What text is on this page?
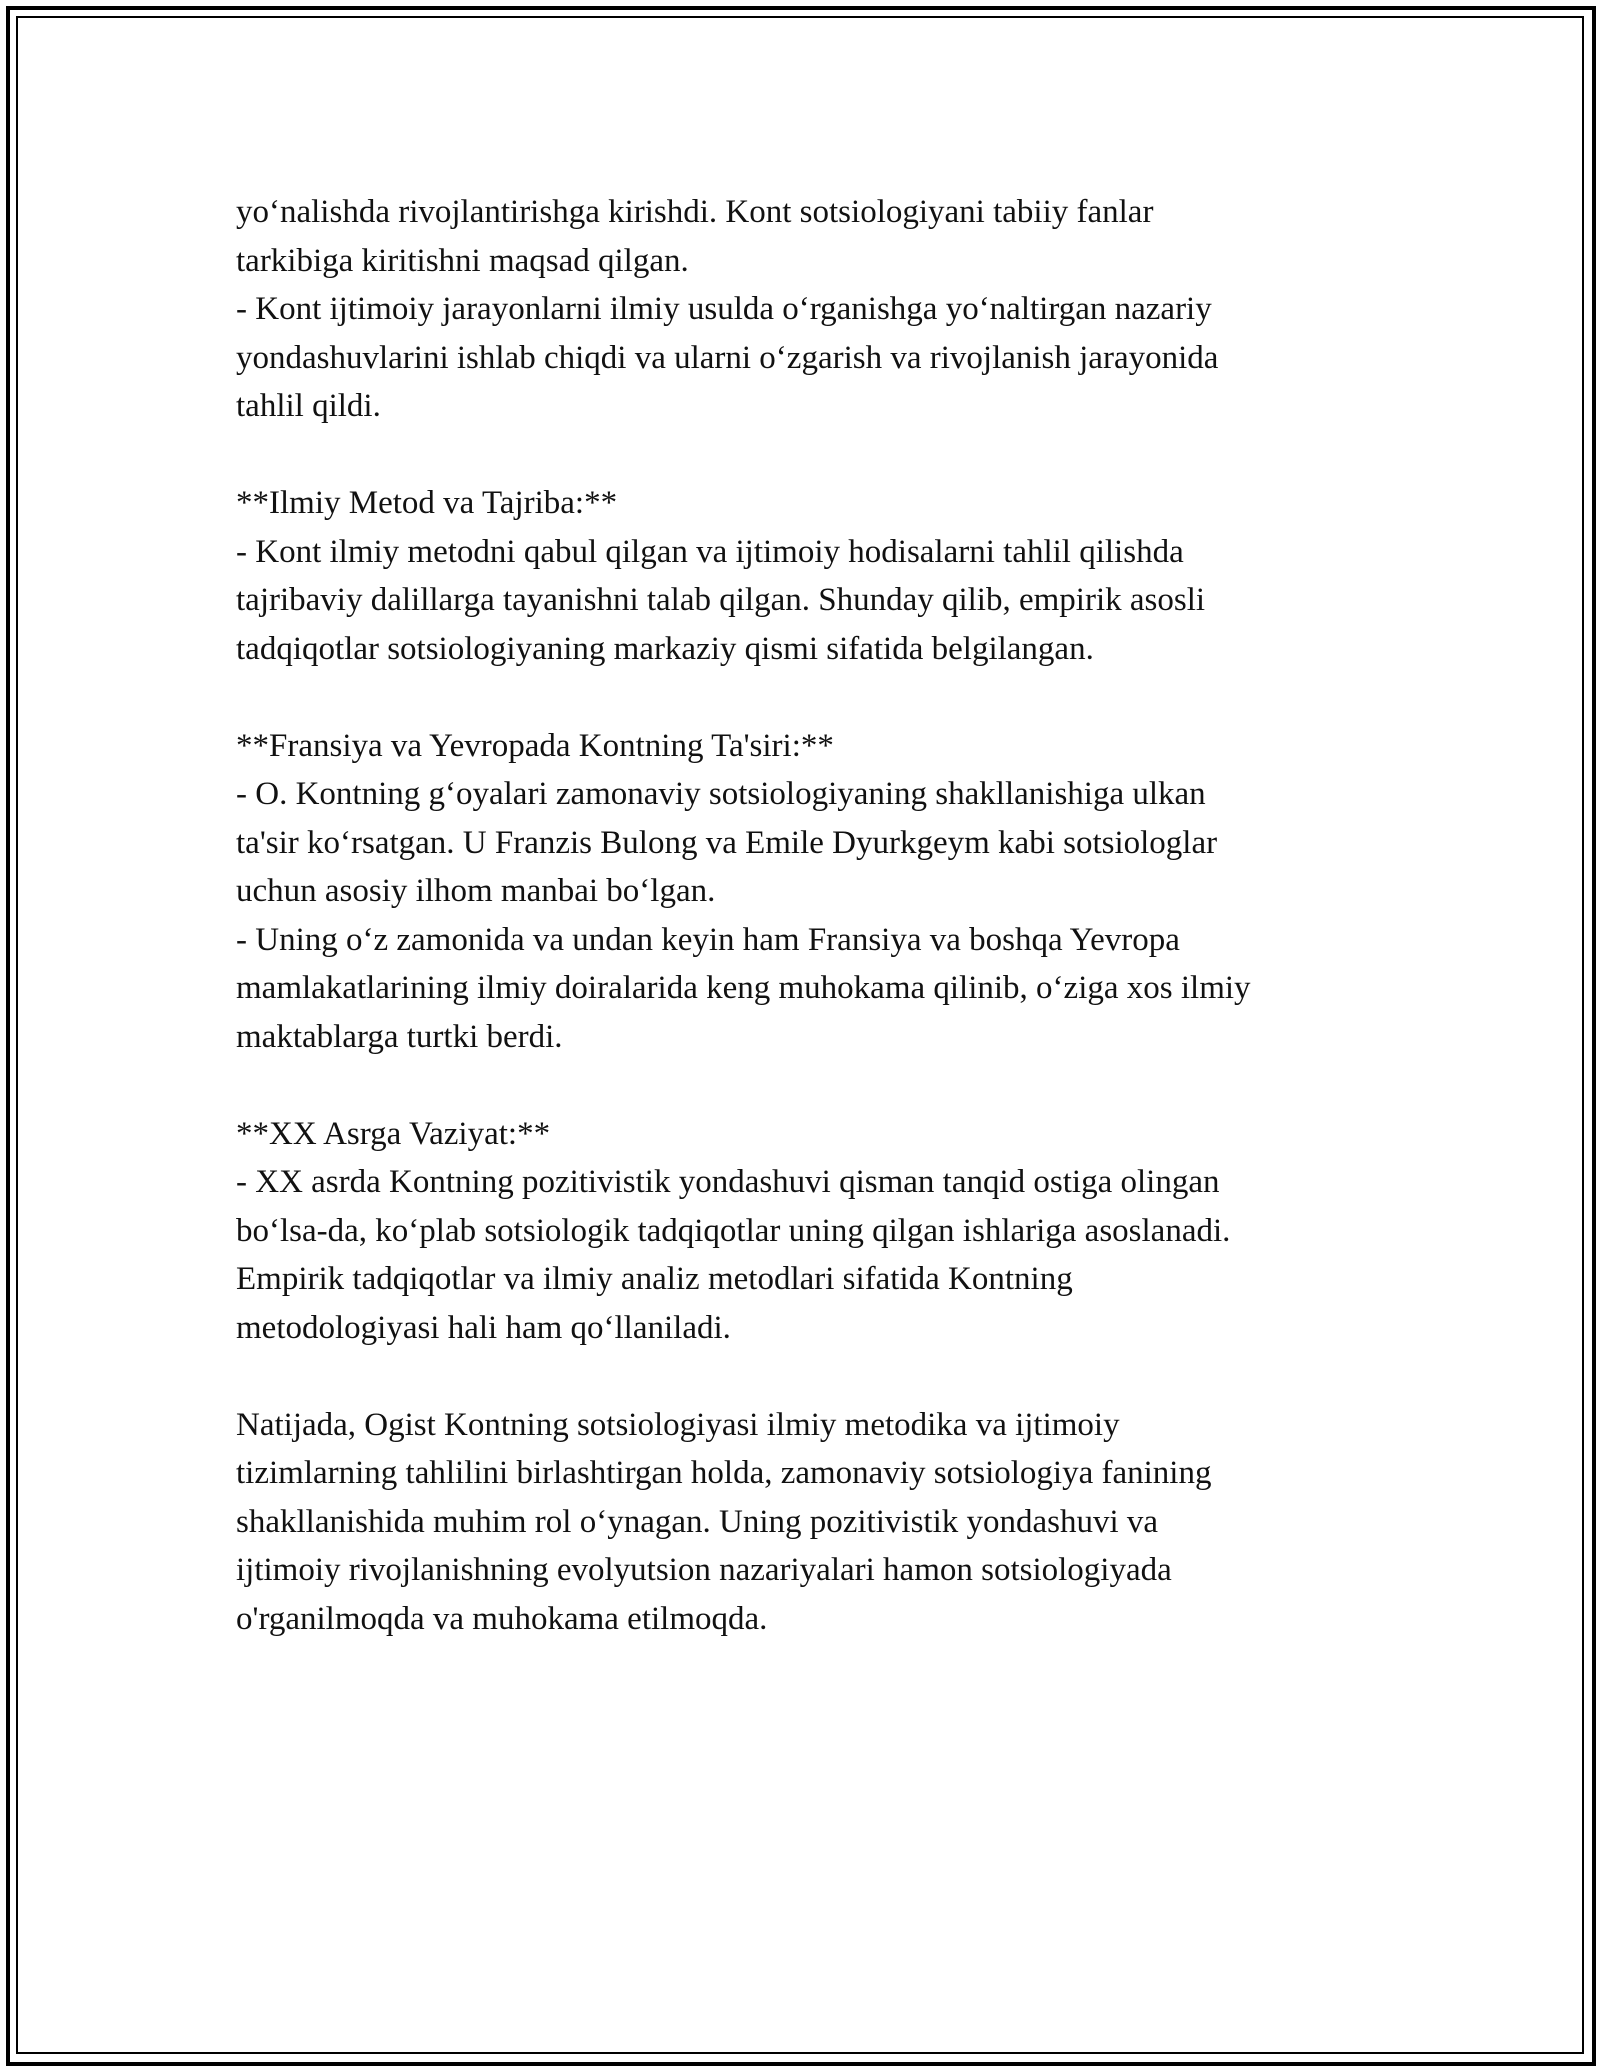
yo‘nalishda rivojlantirishga kirishdi. Kont sotsiologiyani tabiiy fanlar
tarkibiga kiritishni maqsad qilgan.
- Kont ijtimoiy jarayonlarni ilmiy usulda o‘rganishga yo‘naltirgan nazariy
yondashuvlarini ishlab chiqdi va ularni o‘zgarish va rivojlanish jarayonida
tahlil qildi.
**Ilmiy Metod va Tajriba:**
- Kont ilmiy metodni qabul qilgan va ijtimoiy hodisalarni tahlil qilishda
tajribaviy dalillarga tayanishni talab qilgan. Shunday qilib, empirik asosli
tadqiqotlar sotsiologiyaning markaziy qismi sifatida belgilangan.
**Fransiya va Yevropada Kontning Ta'siri:**
- O. Kontning g‘oyalari zamonaviy sotsiologiyaning shakllanishiga ulkan
ta'sir ko‘rsatgan. U Franzis Bulong va Emile Dyurkgeym kabi sotsiologlar
uchun asosiy ilhom manbai bo‘lgan.
- Uning o‘z zamonida va undan keyin ham Fransiya va boshqa Yevropa
mamlakatlarining ilmiy doiralarida keng muhokama qilinib, o‘ziga xos ilmiy
maktablarga turtki berdi.
**XX Asrga Vaziyat:**
- XX asrda Kontning pozitivistik yondashuvi qisman tanqid ostiga olingan
bo‘lsa-da, ko‘plab sotsiologik tadqiqotlar uning qilgan ishlariga asoslanadi.
Empirik tadqiqotlar va ilmiy analiz metodlari sifatida Kontning
metodologiyasi hali ham qo‘llaniladi.
Natijada, Ogist Kontning sotsiologiyasi ilmiy metodika va ijtimoiy
tizimlarning tahlilini birlashtirgan holda, zamonaviy sotsiologiya fanining
shakllanishida muhim rol o‘ynagan. Uning pozitivistik yondashuvi va
ijtimoiy rivojlanishning evolyutsion nazariyalari hamon sotsiologiyada
o'rganilmoqda va muhokama etilmoqda.
